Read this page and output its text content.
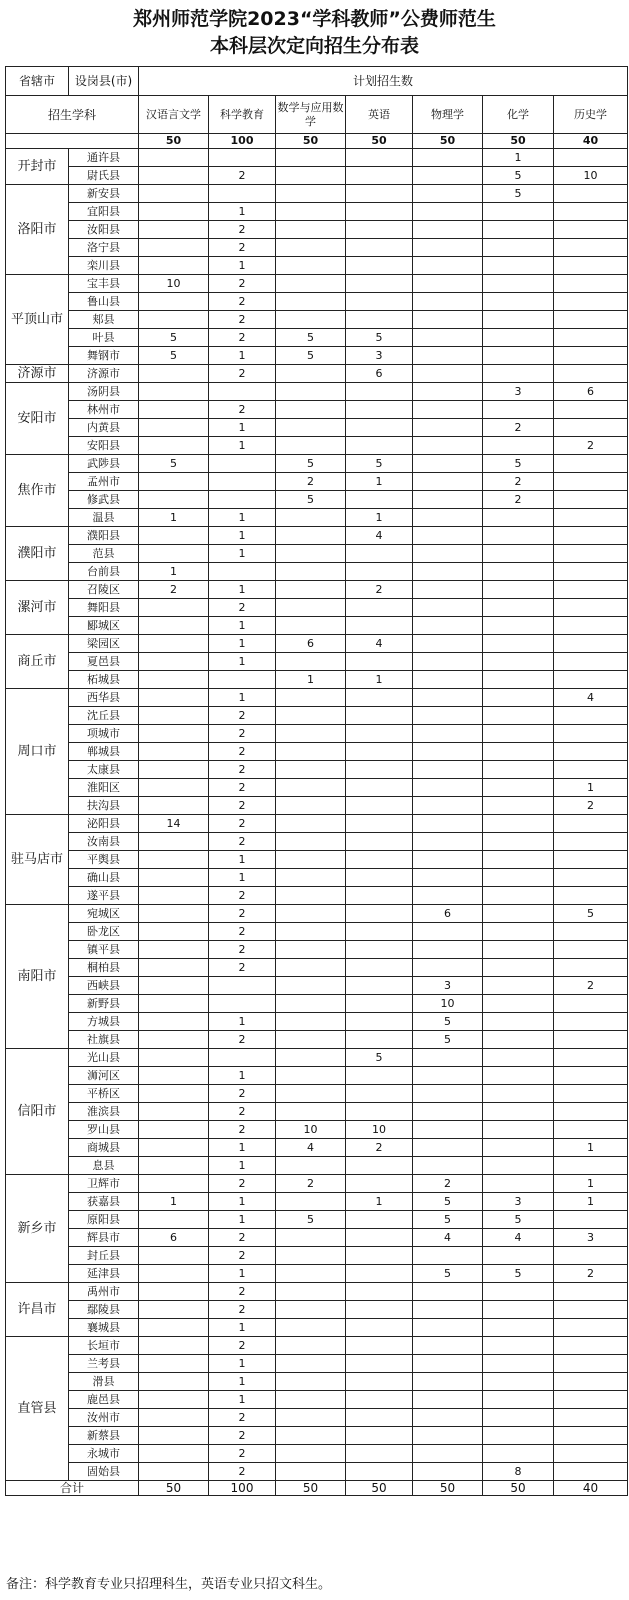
郑州师范学院2023“学科教师”公费师范生
本科层次定向招生分布表
省辖市	设岗县(市)	计划招生数						
招生学科		汉语言文学	科学教育	数学与应用数学	英语	物理学	化学	历史学
		50	100	50	50	50	50	40
开封市	通许县						1	
	尉氏县		2				5	10
洛阳市	新安县						5	
	宜阳县		1					
	汝阳县		2					
	洛宁县		2					
	栾川县		1					
平顶山市	宝丰县	10	2					
	鲁山县		2					
	郏县		2					
	叶县	5	2	5	5			
	舞钢市	5	1	5	3			
济源市	济源市		2		6			
安阳市	汤阴县						3	6
	林州市		2					
	内黄县		1				2	
	安阳县		1					2
焦作市	武陟县	5		5	5		5	
	孟州市			2	1		2	
	修武县			5			2	
	温县	1	1		1			
濮阳市	濮阳县		1		4			
	范县		1					
	台前县	1						
漯河市	召陵区	2	1		2			
	舞阳县		2					
	郾城区		1					
商丘市	梁园区		1	6	4			
	夏邑县		1					
	柘城县			1	1			
周口市	西华县		1					4
	沈丘县		2					
	项城市		2					
	郸城县		2					
	太康县		2					
	淮阳区		2					1
	扶沟县		2					2
驻马店市	泌阳县	14	2					
	汝南县		2					
	平舆县		1					
	确山县		1					
	遂平县		2					
南阳市	宛城区		2			6		5
	卧龙区		2					
	镇平县		2					
	桐柏县		2					
	西峡县					3		2
	新野县					10		
	方城县		1			5		
	社旗县		2			5		
信阳市	光山县				5			
	浉河区		1					
	平桥区		2					
	淮滨县		2					
	罗山县		2	10	10			
	商城县		1	4	2			1
	息县		1					
新乡市	卫辉市		2	2		2		1
	获嘉县	1	1		1	5	3	1
	原阳县		1	5		5	5	
	辉县市	6	2			4	4	3
	封丘县		2					
	延津县		1			5	5	2
许昌市	禹州市		2					
	鄢陵县		2					
	襄城县		1					
直管县	长垣市		2					
	兰考县		1					
	滑县		1					
	鹿邑县		1					
	汝州市		2					
	新蔡县		2					
	永城市		2					
	固始县		2				8	
合计		50	100	50	50	50	50	40
备注：科学教育专业只招理科生，英语专业只招文科生。
